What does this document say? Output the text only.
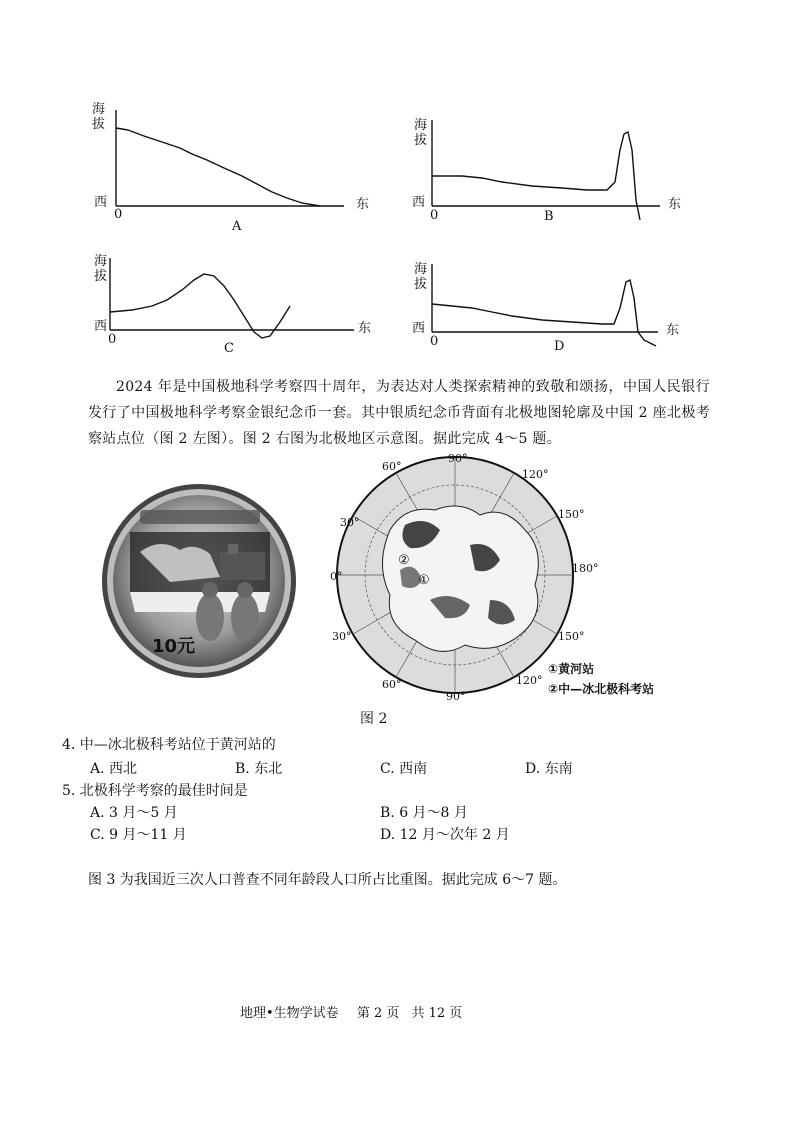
海拔
西
0
东
A
海拔
西
0
东
B
海拔
西
0
东
C
海拔
西
0
东
D
2024 年是中国极地科学考察四十周年，为表达对人类探索精神的致敬和颂扬，中国人民银行发行了中国极地科学考察金银纪念币一套。其中银质纪念币背面有北极地图轮廓及中国 2 座北极考察站点位（图 2 左图）。图 2 右图为北极地区示意图。据此完成 4～5 题。
10元
90°
120°
150°
180°
150°
120°
90°
60°
30°
0°
30°
60°
②
①
①黄河站
②中—冰北极科考站
图 2
4. 中—冰北极科考站位于黄河站的
A. 西北	B. 东北	C. 西南	D. 东南
5. 北极科学考察的最佳时间是
A. 3 月～5 月	B. 6 月～8 月
C. 9 月～11 月	D. 12 月～次年 2 月
图 3 为我国近三次人口普查不同年龄段人口所占比重图。据此完成 6～7 题。
地理•生物学试卷 第 2 页 共 12 页
